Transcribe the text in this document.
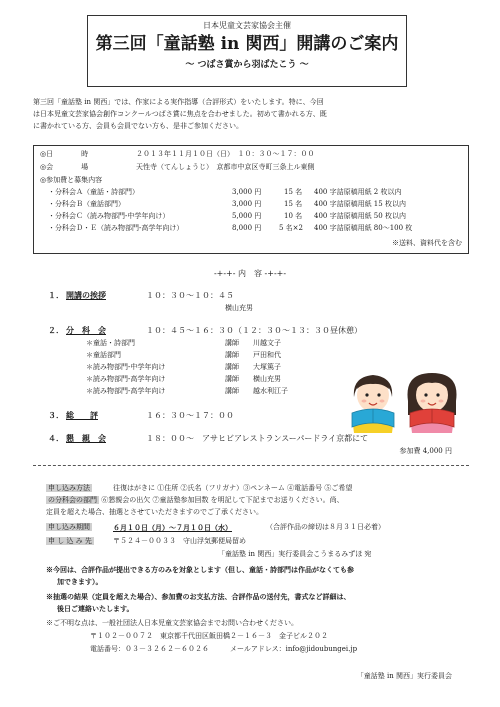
日本児童文芸家協会主催
第三回「童話塾 in 関西」開講のご案内
～ つばさ賞から羽ばたこう ～
第三回「童話塾 in 関西」では、作家による実作指導（合評形式）をいたします。特に、今回
は日本児童文芸家協会創作コンクールつばさ賞に焦点を合わせました。初めて書かれる方、既
に書かれている方、会員も会員でない方も、是非ご参加ください。
◎日　　　　時	２０１３年１１月１０日（日）　１０：３０～１７：００
◎会　　　　場	天性寺（てんしょうじ）　京都市中京区寺町三条上ル東側
◎参加費と募集内容
・分科会Ａ（童話・詩部門）	3,000 円	15 名 400 字詰原稿用紙 2 枚以内
・分科会Ｂ（童話部門）	3,000 円	15 名 400 字詰原稿用紙 15 枚以内
・分科会Ｃ（読み物部門-中学年向け）	5,000 円	10 名 400 字詰原稿用紙 50 枚以内
・分科会Ｄ・Ｅ（読み物部門-高学年向け）	8,000 円	5 名×2 400 字詰原稿用紙 80～100 枚
※送料、資料代を含む
-+-+- 内　容 -+-+-
１． 開講の挨拶	１０：３０～１０：４５
横山充男
２． 分　科　会	１０：４５～１６：３０（１２：３０～１３：３０昼休憩）
＊童話・詩部門	講師 川越文子
＊童話部門	講師 戸田和代
＊読み物部門-中学年向け	講師 大塚篤子
＊読み物部門-高学年向け	講師 横山充男
＊読み物部門-高学年向け	講師 越水利江子
３． 総　　評	１６：３０～１７：００
４． 懇　親　会	１８：００～　アサヒビアレストランスーパードライ京都にて
参加費 4,000 円
申し込み方法	往復はがきに ①住所 ②氏名（フリガナ）③ペンネーム ④電話番号 ⑤ご希望
の分科会の部門 ⑥懇親会の出欠 ⑦童話塾参加回数 を明記して下記までお送りください。尚、
定員を超えた場合、抽選とさせていただきますのでご了承ください。
申し込み期間	６月１０日（月）～７月１０日（水）	（合評作品の締切は８月３１日必着）
申 し 込 み 先	〒５２４－００３３　守山浮気郵便局留め
「童話塾 in 関西」実行委員会こうまるみずほ 宛
※今回は、合評作品が提出できる方のみを対象とします（但し、童話・詩部門は作品がなくても参
加できます）。
※抽選の結果（定員を超えた場合）、参加費のお支払方法、合評作品の送付先，書式など詳細は、
後日ご連絡いたします。
※ご不明な点は、一般社団法人日本児童文芸家協会までお問い合わせください。
〒１０２－００７２　東京都千代田区飯田橋２－１６－３　金子ビル２０２
電話番号：０３－３２６２－６０２６　　　メールアドレス：info@jidoubungei.jp
「童話塾 in 関西」実行委員会
